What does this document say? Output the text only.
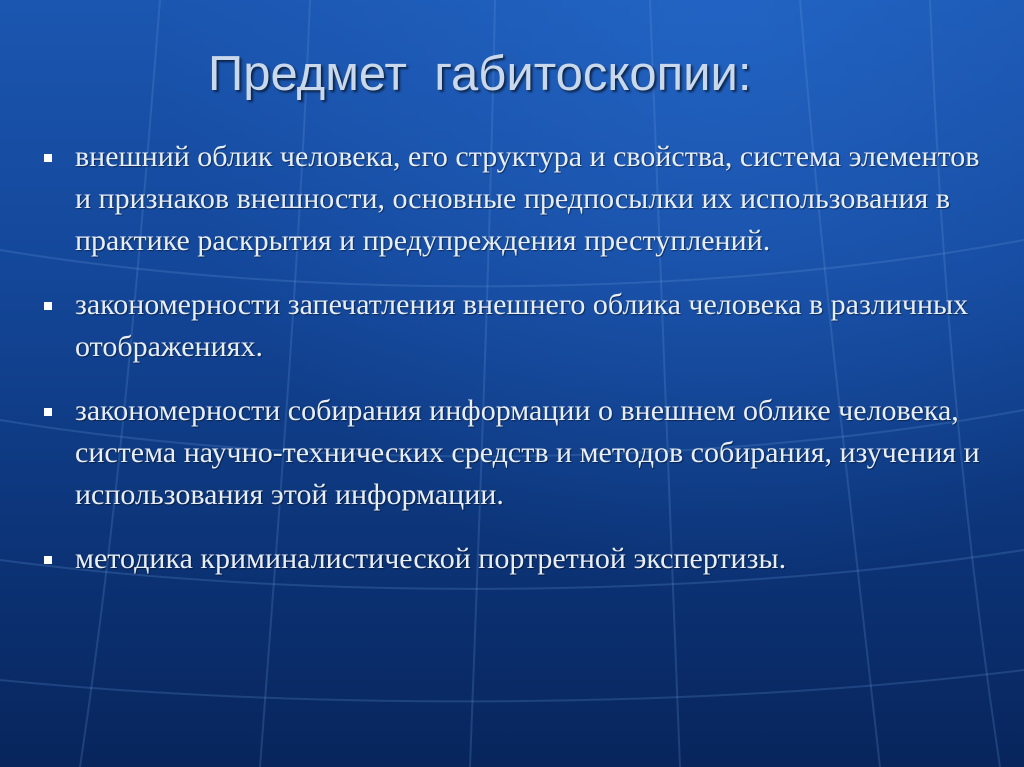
Предмет  габитоскопии:
внешний облик человека, его структура и свойства, система элементов и признаков внешности, основные предпосылки их использования в практике раскрытия и предупреждения преступлений.
закономерности запечатления внешнего облика человека в различных отображениях.
закономерности собирания информации о внешнем облике человека, система научно-технических средств и методов собирания, изучения и использования этой информации.
методика криминалистической портретной экспертизы.
